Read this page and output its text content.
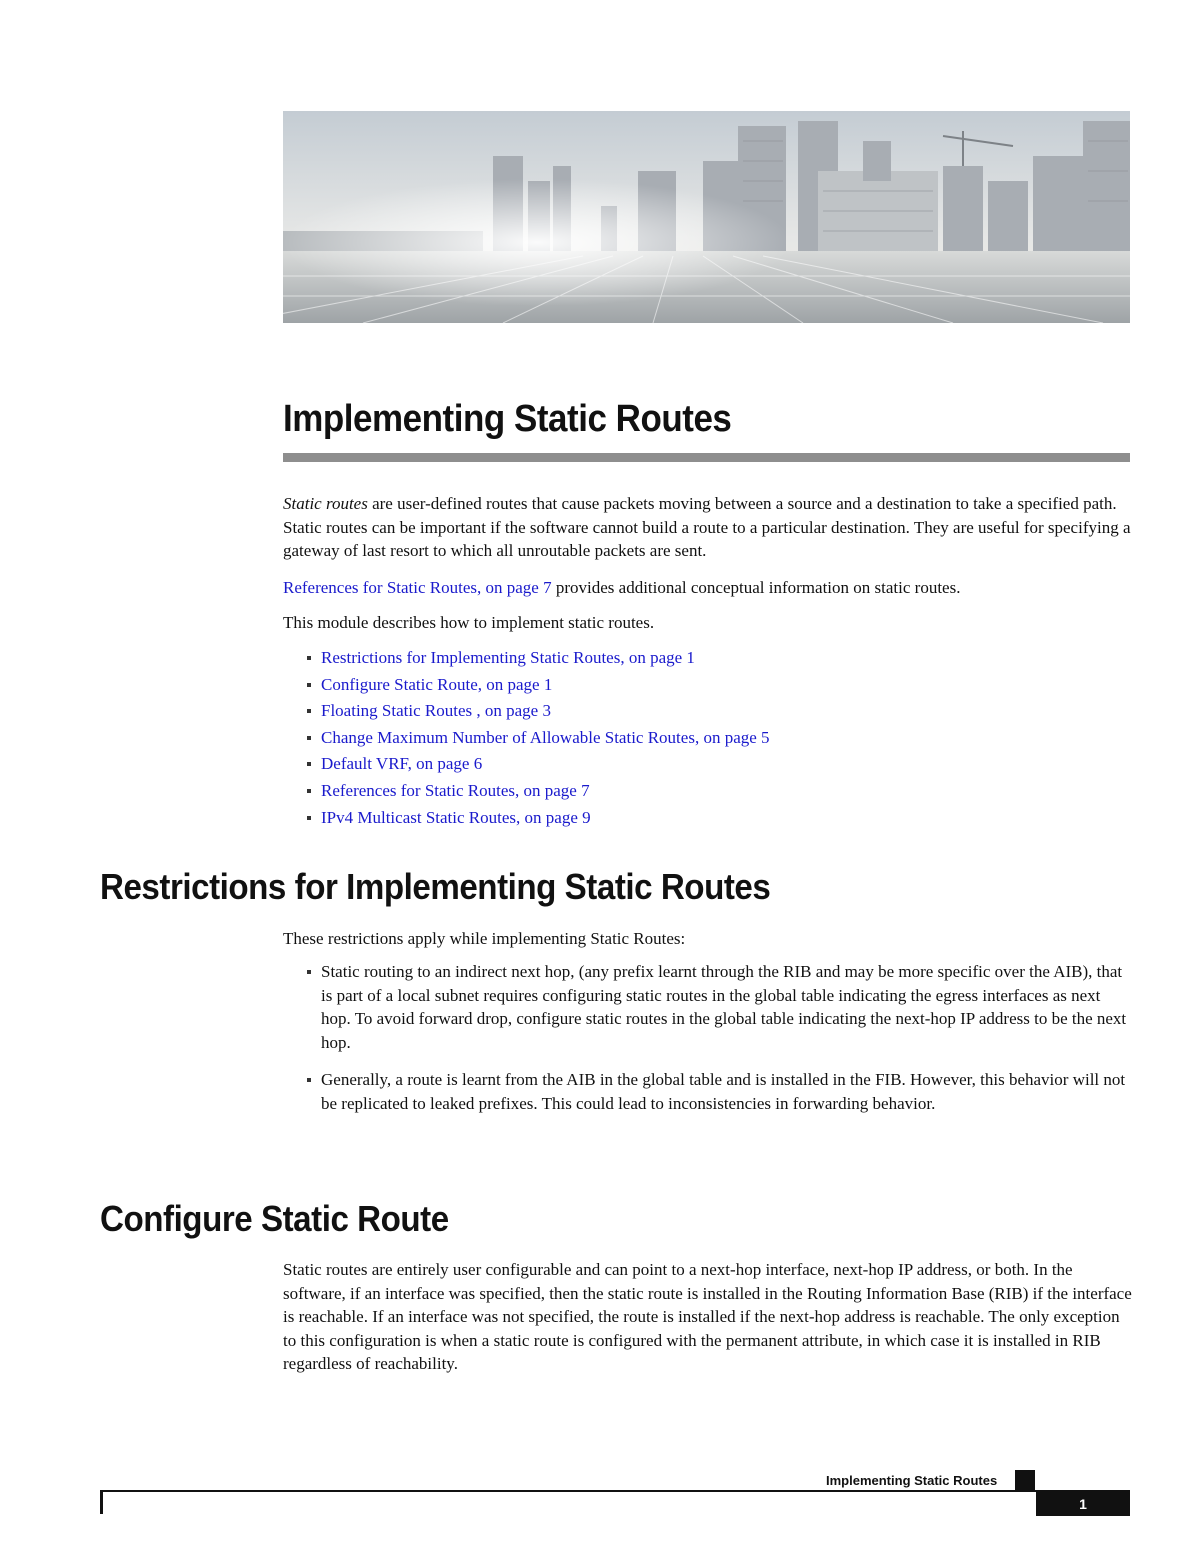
Implementing Static Routes

Static routes are user-defined routes that cause packets moving between a source and a destination to take a specified path. Static routes can be important if the software cannot build a route to a particular destination. They are useful for specifying a gateway of last resort to which all unroutable packets are sent.

References for Static Routes, on page 7 provides additional conceptual information on static routes.

This module describes how to implement static routes.

Restrictions for Implementing Static Routes, on page 1
Configure Static Route, on page 1
Floating Static Routes , on page 3
Change Maximum Number of Allowable Static Routes, on page 5
Default VRF, on page 6
References for Static Routes, on page 7
IPv4 Multicast Static Routes, on page 9
Restrictions for Implementing Static Routes

These restrictions apply while implementing Static Routes:

Static routing to an indirect next hop, (any prefix learnt through the RIB and may be more specific over the AIB), that is part of a local subnet requires configuring static routes in the global table indicating the egress interfaces as next hop. To avoid forward drop, configure static routes in the global table indicating the next-hop IP address to be the next hop.
Generally, a route is learnt from the AIB in the global table and is installed in the FIB. However, this behavior will not be replicated to leaked prefixes. This could lead to inconsistencies in forwarding behavior.
Configure Static Route

Static routes are entirely user configurable and can point to a next-hop interface, next-hop IP address, or both. In the software, if an interface was specified, then the static route is installed in the Routing Information Base (RIB) if the interface is reachable. If an interface was not specified, the route is installed if the next-hop address is reachable. The only exception to this configuration is when a static route is configured with the permanent attribute, in which case it is installed in RIB regardless of reachability.

Implementing Static Routes
1
